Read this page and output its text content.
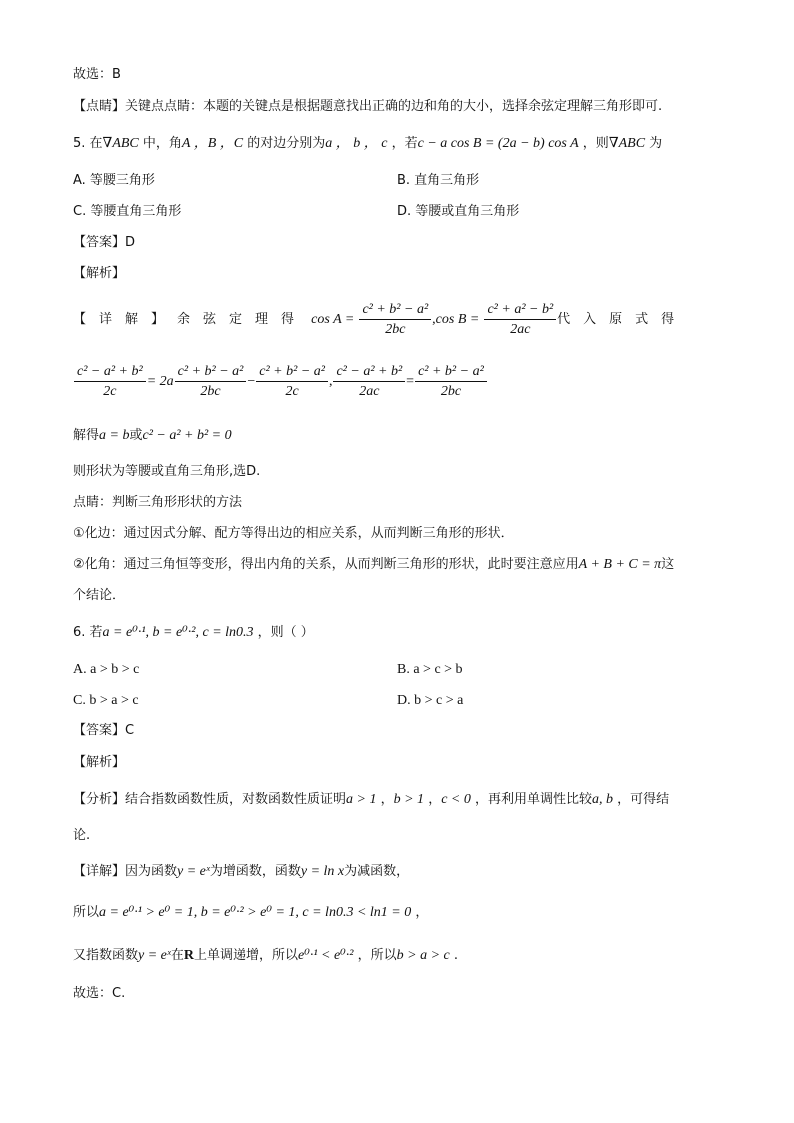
故选：B
【点睛】关键点点睛：本题的关键点是根据题意找出正确的边和角的大小，选择余弦定理解三角形即可.
5. 在∇ABC 中，角A ，B ，C 的对边分别为a ， b ， c ，若c − a cos B = (2a − b) cos A ，则∇ABC 为
A. 等腰三角形	B. 直角三角形
C. 等腰直角三角形	D. 等腰或直角三角形
【答案】D
【解析】
【详解】余弦定理得 $\cos A = \frac{\text{c² + b² − a²}}{2bc} ,\cos$ $B = \frac{\text{c² + a² − b²}}{2ac}$ 代入原式得
$\frac{\text{c² − a² + b²}}{2c} = 2a \frac{\text{c² + b² − a²}}{2bc} - \frac{\text{c² + b² − a²}}{2c}$ , $\frac{\text{c² − a² + b²}}{2ac} = \frac{\text{c² + b² − a²}}{2bc}$
解得a = b或c² − a² + b² = 0
则形状为等腰或直角三角形,选D.
点睛：判断三角形形状的方法
①化边：通过因式分解、配方等得出边的相应关系，从而判断三角形的形状．
②化角：通过三角恒等变形，得出内角的关系，从而判断三角形的形状，此时要注意应用A + B + C = π这
个结论．
6. 若a = e⁰·¹, b = e⁰·², c = ln0.3 ，则（ ）
A. a > b > c	B. a > c > b
C. b > a > c	D. b > c > a
【答案】C
【解析】
【分析】结合指数函数性质，对数函数性质证明a > 1 ，b > 1 ，c < 0 ，再利用单调性比较a, b ，可得结
论.
【详解】因为函数y = eˣ为增函数，函数y = ln x为减函数，
所以a = e⁰·¹ > e⁰ = 1, b = e⁰·² > e⁰ = 1, c = ln0.3 < ln1 = 0 ，
又指数函数y = eˣ在R上单调递增，所以e⁰·¹ < e⁰·² ，所以b > a > c .
故选：C.
